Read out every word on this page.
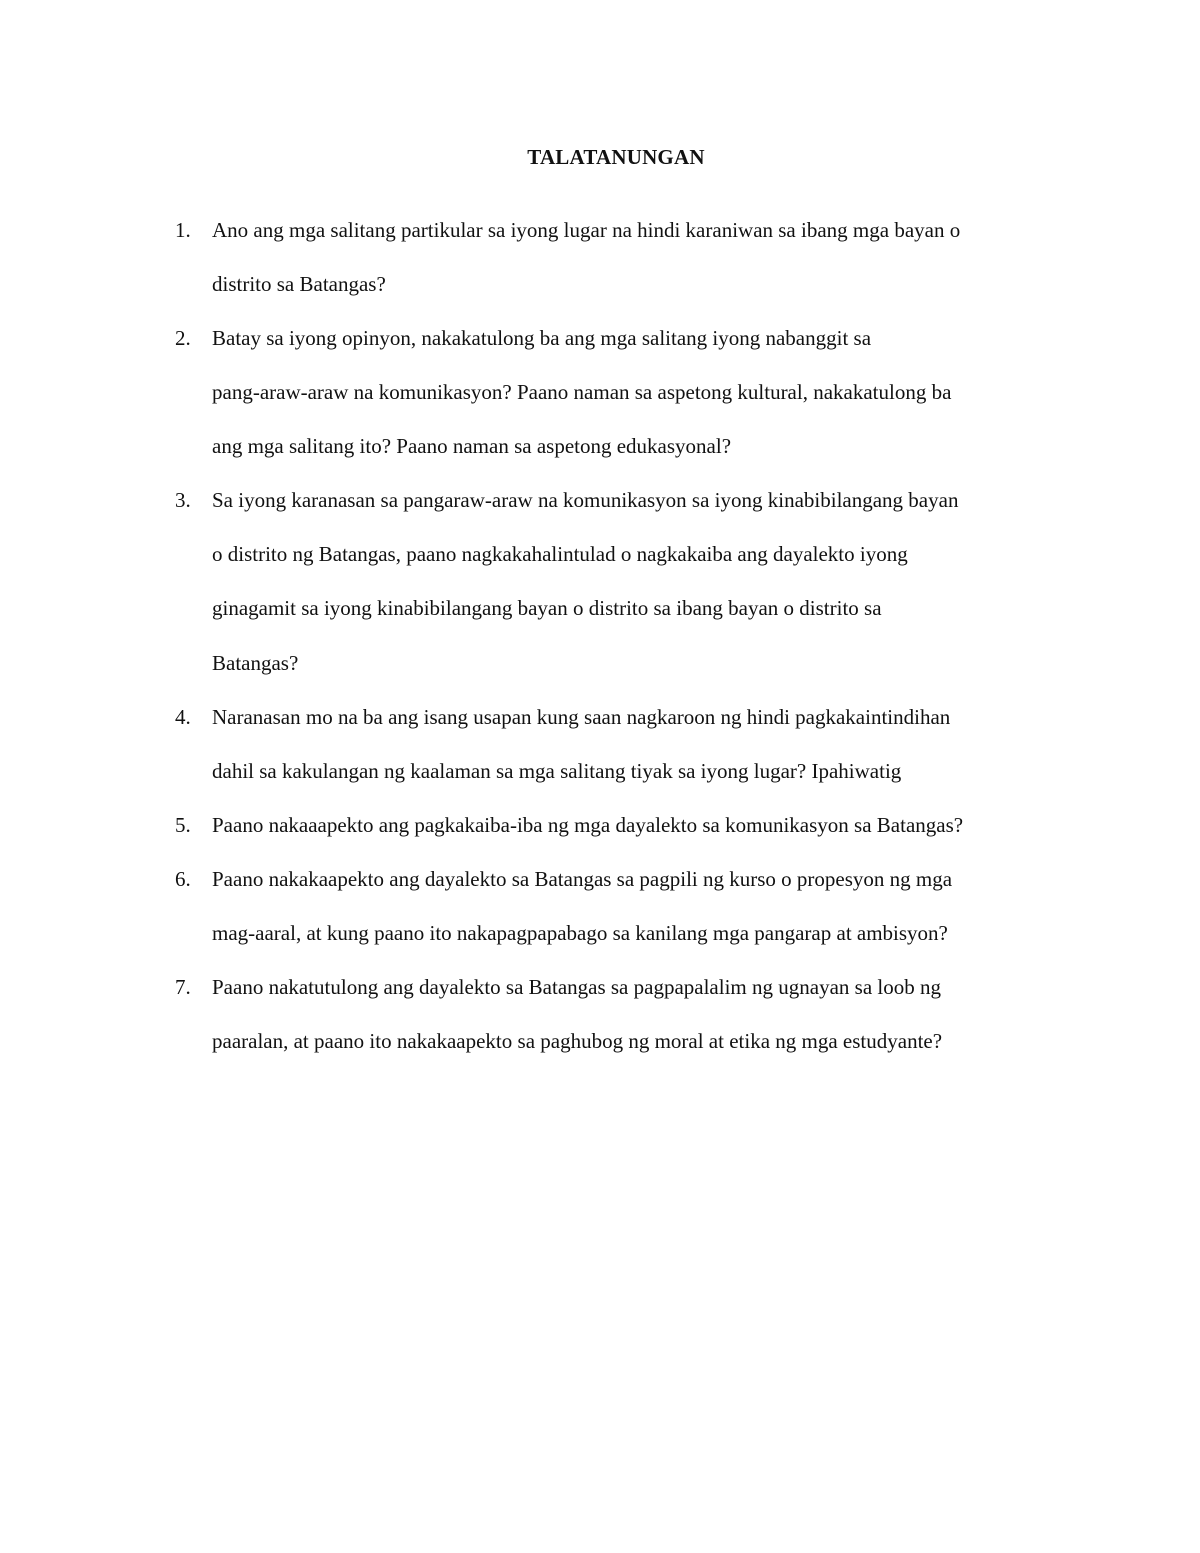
TALATANUNGAN
1. Ano ang mga salitang partikular sa iyong lugar na hindi karaniwan sa ibang mga bayan o
distrito sa Batangas?
2. Batay sa iyong opinyon, nakakatulong ba ang mga salitang iyong nabanggit sa
pang-araw-araw na komunikasyon? Paano naman sa aspetong kultural, nakakatulong ba
ang mga salitang ito? Paano naman sa aspetong edukasyonal?
3. Sa iyong karanasan sa pangaraw-araw na komunikasyon sa iyong kinabibilangang bayan
o distrito ng Batangas, paano nagkakahalintulad o nagkakaiba ang dayalekto iyong
ginagamit sa iyong kinabibilangang bayan o distrito sa ibang bayan o distrito sa
Batangas?
4. Naranasan mo na ba ang isang usapan kung saan nagkaroon ng hindi pagkakaintindihan
dahil sa kakulangan ng kaalaman sa mga salitang tiyak sa iyong lugar? Ipahiwatig
5. Paano nakaaapekto ang pagkakaiba-iba ng mga dayalekto sa komunikasyon sa Batangas?
6. Paano nakakaapekto ang dayalekto sa Batangas sa pagpili ng kurso o propesyon ng mga
mag-aaral, at kung paano ito nakapagpapabago sa kanilang mga pangarap at ambisyon?
7. Paano nakatutulong ang dayalekto sa Batangas sa pagpapalalim ng ugnayan sa loob ng
paaralan, at paano ito nakakaapekto sa paghubog ng moral at etika ng mga estudyante?
